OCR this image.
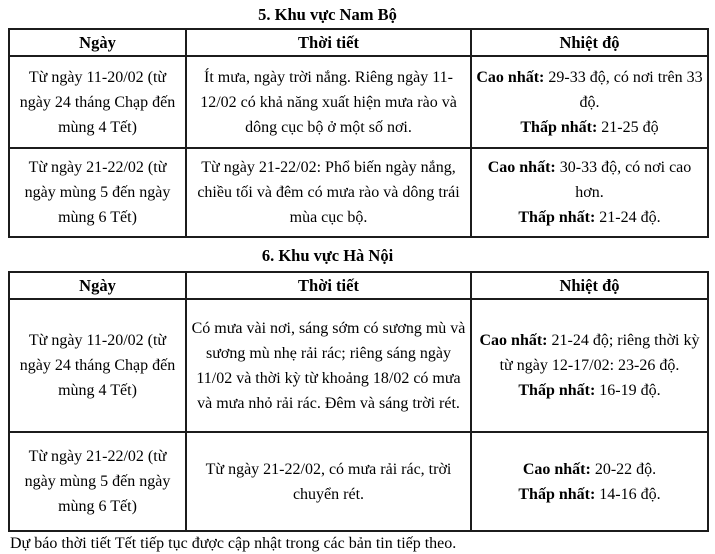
5. Khu vực Nam Bộ
Ngày	Thời tiết	Nhiệt độ
Từ ngày 11-20/02 (từ ngày 24 tháng Chạp đến mùng 4 Tết)	Ít mưa, ngày trời nắng. Riêng ngày 11-12/02 có khả năng xuất hiện mưa rào và dông cục bộ ở một số nơi.	Cao nhất: 29-33 độ, có nơi trên 33 độ.
Thấp nhất: 21-25 độ

Từ ngày 21-22/02 (từ ngày mùng 5 đến ngày mùng 6 Tết)	Từ ngày 21-22/02: Phổ biến ngày nắng, chiều tối và đêm có mưa rào và dông trái mùa cục bộ.	Cao nhất: 30-33 độ, có nơi cao hơn.
Thấp nhất: 21-24 độ.
6. Khu vực Hà Nội
Ngày	Thời tiết	Nhiệt độ
Từ ngày 11-20/02 (từ ngày 24 tháng Chạp đến mùng 4 Tết)	Có mưa vài nơi, sáng sớm có sương mù và sương mù nhẹ rải rác; riêng sáng ngày 11/02 và thời kỳ từ khoảng 18/02 có mưa và mưa nhỏ rải rác. Đêm và sáng trời rét.	Cao nhất: 21-24 độ; riêng thời kỳ từ ngày 12-17/02: 23-26 độ.
Thấp nhất: 16-19 độ.

Từ ngày 21-22/02 (từ ngày mùng 5 đến ngày mùng 6 Tết)	Từ ngày 21-22/02, có mưa rải rác, trời chuyển rét.	Cao nhất: 20-22 độ.
Thấp nhất: 14-16 độ.
Dự báo thời tiết Tết tiếp tục được cập nhật trong các bản tin tiếp theo.
